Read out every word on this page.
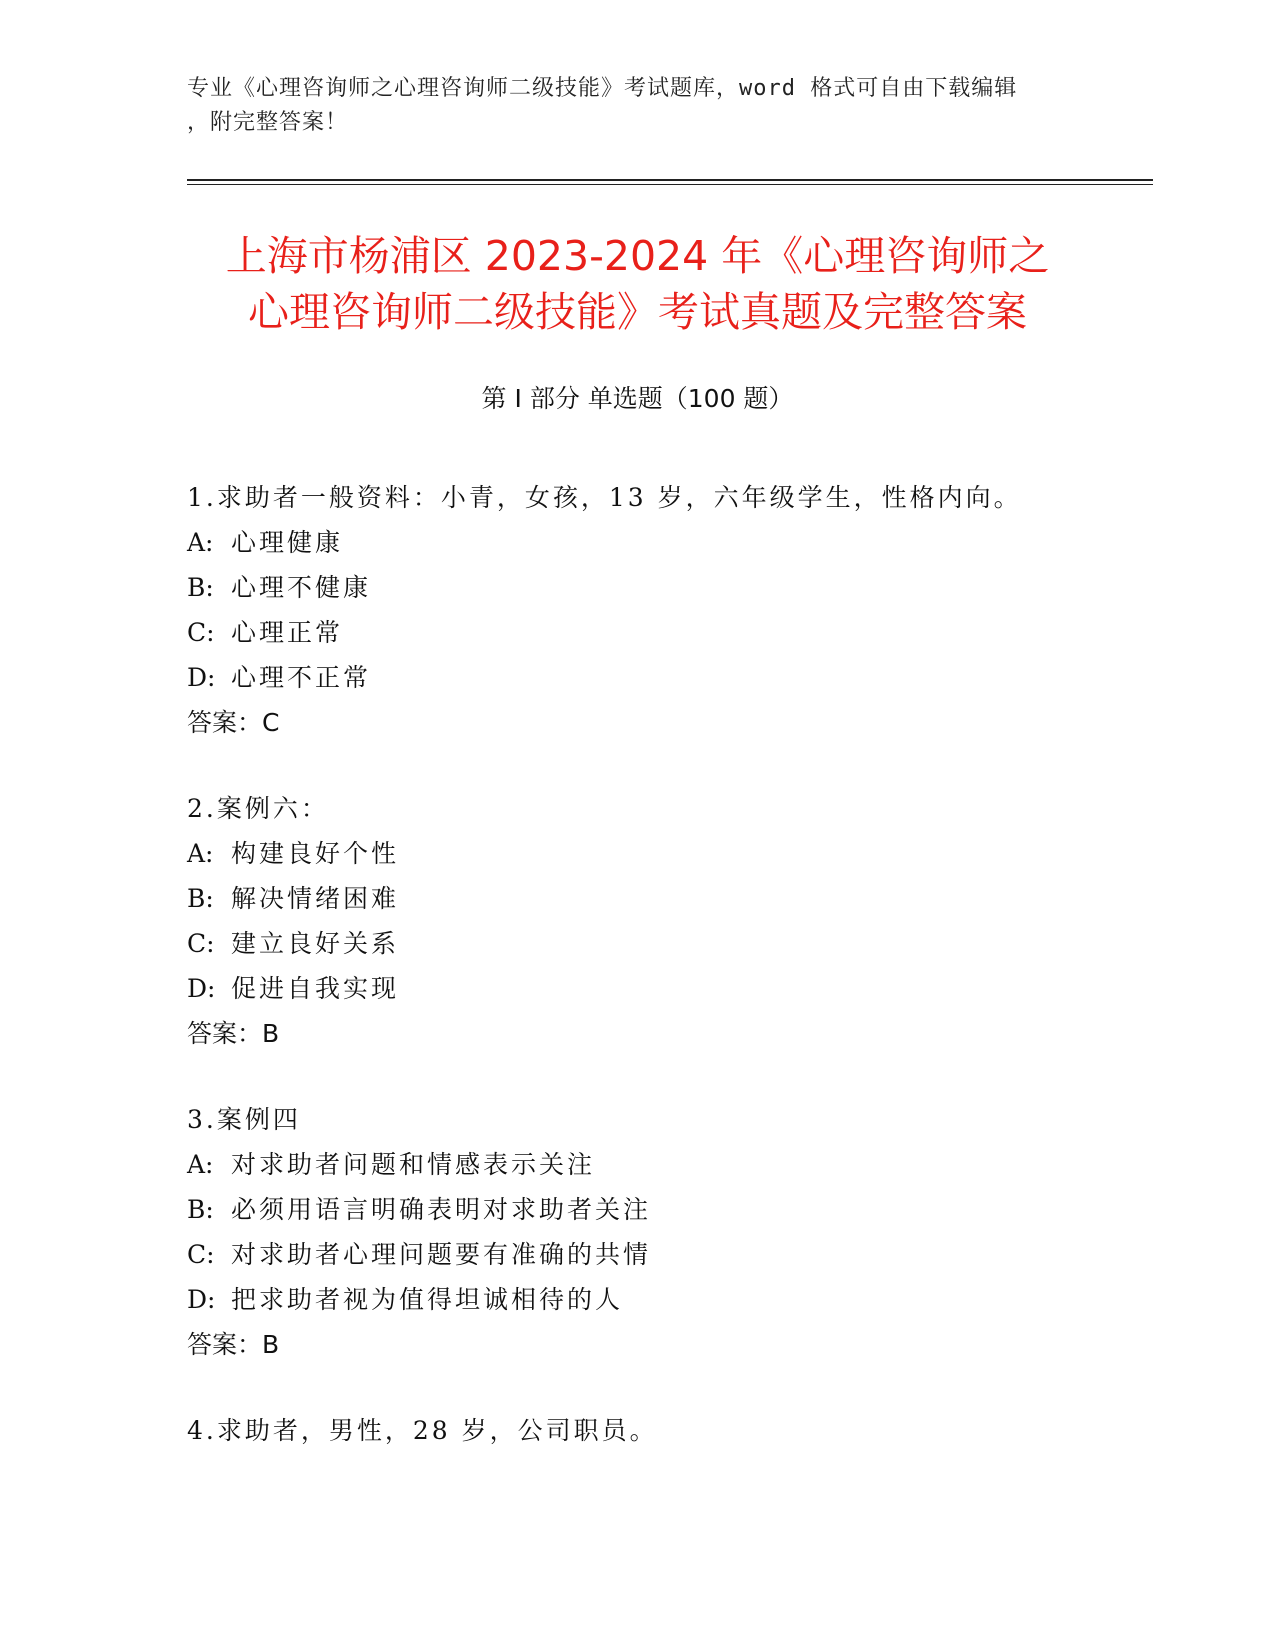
专业《心理咨询师之心理咨询师二级技能》考试题库，word 格式可自由下载编辑
，附完整答案！
上海市杨浦区 2023-2024 年《心理咨询师之
心理咨询师二级技能》考试真题及完整答案
第 I 部分 单选题（100 题）
1.求助者一般资料：小青，女孩，13 岁，六年级学生，性格内向。
A: 心理健康
B: 心理不健康
C: 心理正常
D: 心理不正常
答案：C
2.案例六：
A: 构建良好个性
B: 解决情绪困难
C: 建立良好关系
D: 促进自我实现
答案：B
3.案例四
A: 对求助者问题和情感表示关注
B: 必须用语言明确表明对求助者关注
C: 对求助者心理问题要有准确的共情
D: 把求助者视为值得坦诚相待的人
答案：B
4.求助者，男性，28 岁，公司职员。
